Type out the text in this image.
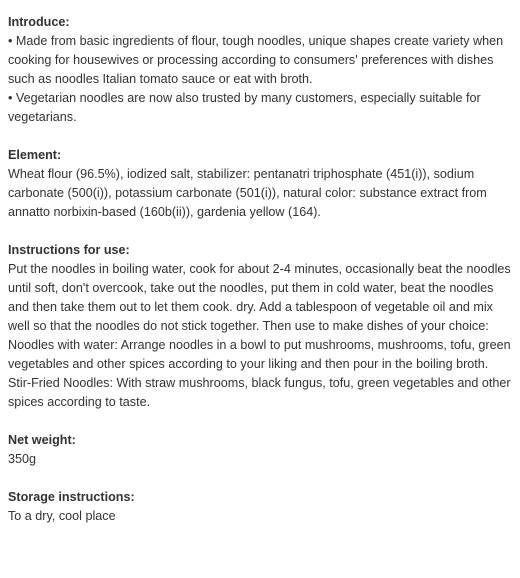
Introduce:
• Made from basic ingredients of flour, tough noodles, unique shapes create variety when cooking for housewives or processing according to consumers' preferences with dishes such as noodles Italian tomato sauce or eat with broth.
• Vegetarian noodles are now also trusted by many customers, especially suitable for vegetarians.
Element:
Wheat flour (96.5%), iodized salt, stabilizer: pentanatri triphosphate (451(i)), sodium carbonate (500(i)), potassium carbonate (501(i)), natural color: substance extract from annatto norbixin-based (160b(ii)), gardenia yellow (164).
Instructions for use:
Put the noodles in boiling water, cook for about 2-4 minutes, occasionally beat the noodles until soft, don't overcook, take out the noodles, put them in cold water, beat the noodles and then take them out to let them cook. dry. Add a tablespoon of vegetable oil and mix well so that the noodles do not stick together. Then use to make dishes of your choice:
Noodles with water: Arrange noodles in a bowl to put mushrooms, mushrooms, tofu, green vegetables and other spices according to your liking and then pour in the boiling broth.
Stir-Fried Noodles: With straw mushrooms, black fungus, tofu, green vegetables and other spices according to taste.
Net weight:
350g
Storage instructions:
To a dry, cool place
